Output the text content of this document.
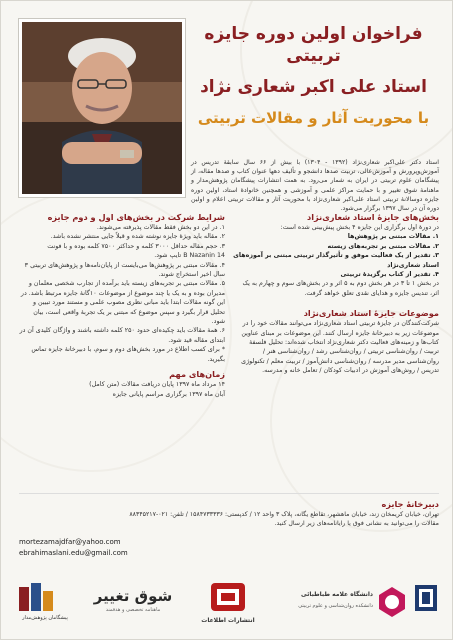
فراخوان اولین دوره جایزه تربیتی
استاد علی اکبر شعاری نژاد
با محوریت آثار و مقالات تربیتی
استاد دکتر علی‌اکبر شعاری‌نژاد (۱۳۹۲ - ۱۳۰۴) با بیش از ۶۶ سال سابقهٔ تدریس در آموزش‌وپرورش و آموزش‌عالی، تربیت صدها دانشجو و تألیف دهها عنوان کتاب و صدها مقاله، از پیشگامان علوم تربیتی در ایران به شمار می‌رود. به همت انتشارات پیشگامان پژوهش‌مدار و ماهنامهٔ شوق تغییر و با حمایت مراکز علمی و آموزشی و همچنین خانوادهٔ استاد، اولین دوره جایزه دوسالانهٔ تربیتی استاد علی‌اکبر شعاری‌نژاد با محوریت آثار و مقالات تربیتی اعلام و اولین دوره آن در سال ۱۳۹۷ برگزار می‌شود.
بخش‌های جایزهٔ استاد شعاری‌نژاد
در دورهٔ اول برگزاری این جایزه ۴ بخش پیش‌بینی شده است:
۱. مقالات مبتنی بر پژوهش‌ها
۲. مقالات مبتنی بر تجربه‌های زیسته
۳. تقدیر از یک فعالیت موفق و تأثیرگذار تربیتی مبتنی بر آموزه‌های استاد شعاری‌نژاد
۴. تقدیر از کتاب برگزیدهٔ تربیتی
در بخش ۱ تا ۳ در هر بخش دوم به ۵ اثر و در بخش‌های سوم و چهارم به یک اثر، تندیس جایزه و هدایای نقدی تعلق خواهد گرفت.
موضوعات جایزهٔ استاد شعاری‌نژاد
شرکت‌کنندگان در جایزهٔ تربیتی استاد شعاری‌نژاد می‌توانند مقالات خود را در موضوعات زیر به دبیرخانهٔ جایزه ارسال کنند. این موضوعات بر مبنای عناوین کتاب‌ها و زمینه‌های فعالیت دکتر شعاری‌نژاد انتخاب شده‌اند: تحلیل فلسفهٔ تربیت / روان‌شناسی تربیتی / روان‌شناسی رشد / روان‌شناسی هنر / روان‌شناسی مدیر مدرسه / روان‌شناسی دانش‌آموز / تربیت معلم / تکنولوژی تدریس / روش‌های آموزش در ادبیات کودکان / تعامل خانه و مدرسه.
شرایط شرکت در بخش‌های اول و دوم جایزه
۱. در این دو بخش فقط مقالات پذیرفته می‌شوند.
۲. مقاله باید ویژهٔ جایزه نوشته شده و قبلاً جایی منتشر نشده باشد.
۳. حجم مقاله حداقل ۳۰۰۰ کلمه و حداکثر ۷۵۰۰ کلمه بوده و با فونت
B Nazanin 14 تایپ شود.
۴. مقالات مبتنی بر پژوهش‌ها می‌بایست از پایان‌نامه‌ها و پژوهش‌های تربیتی ۳ سال اخیر استخراج شوند.
۵. مقالات مبتنی بر تجربه‌های زیسته باید برآمده از تجارب شخصی معلمان و مدیران بوده و به یک یا چند موضوع از موضوعات ۱۰گانهٔ جایزه مرتبط باشد. در این گونه مقالات ابتدا باید مبانی نظری مصوب علمی و مستند مورد تبیین و تحلیل قرار بگیرد و سپس موضوع که مبتنی بر یک تجربهٔ واقعی است، بیان شود.
۶. همهٔ مقالات باید چکیده‌ای حدود ۲۵۰ کلمه داشته باشند و واژگان کلیدی آن در ابتدای مقاله قید شود.
* برای کسب اطلاع در مورد بخش‌های دوم و سوم، با دبیرخانهٔ جایزه تماس بگیرید.
زمان‌های مهم
۱۴ مرداد ماه ۱۳۹۷ پایان دریافت مقالات (متن کامل)
آبان ماه ۱۳۹۷ برگزاری مراسم پایانی جایزه
دبیرخانهٔ جایزه
تهران، خیابان کریمخان زند، خیابان ماهشهر، تقاطع یگانه، پلاک ۳ واحد ۱۲ / کدپستی: ۱۵۸۴۷۳۳۳۳۶ / تلفن: ۰۲۱-۸۸۳۴۵۲۱۷
مقالات را می‌توانید به نشانی فوق یا رایانامه‌های زیر ارسال کنید.
mortezamajdfar@yahoo.com
ebrahimaslani.edu@gmail.com
پیشگامان پژوهش‌مدار
شوق تغییر
ماهنامه تخصصی و هدفمند
انتشارات اطلاعات
دانشگاه علامه طباطبائی
دانشکده روان‌شناسی و علوم تربیتی
